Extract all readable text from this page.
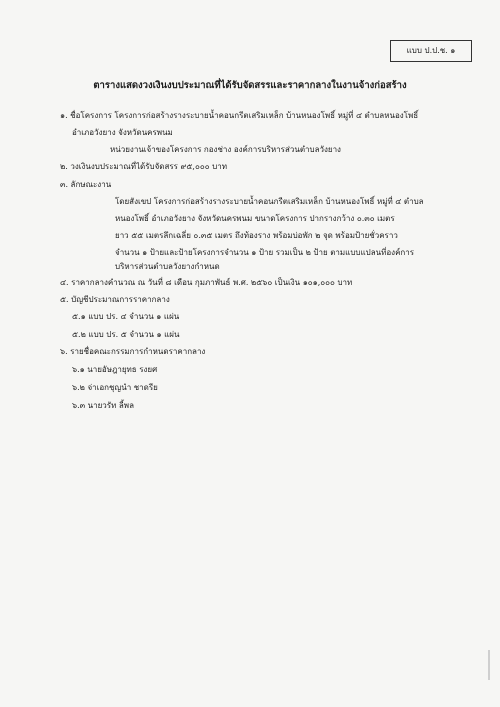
แบบ ป.ป.ช. ๑
ตารางแสดงวงเงินงบประมาณที่ได้รับจัดสรรและราคากลางในงานจ้างก่อสร้าง
๑. ชื่อโครงการ โครงการก่อสร้างรางระบายน้ำคอนกรีตเสริมเหล็ก บ้านหนองโพธิ์ หมู่ที่ ๔ ตำบลหนองโพธิ์
อำเภอวังยาง จังหวัดนครพนม
หน่วยงานเจ้าของโครงการ กองช่าง องค์การบริหารส่วนตำบลวังยาง
๒. วงเงินงบประมาณที่ได้รับจัดสรร ๙๕,๐๐๐ บาท
๓. ลักษณะงาน
โดยสังเขป โครงการก่อสร้างรางระบายน้ำคอนกรีตเสริมเหล็ก บ้านหนองโพธิ์ หมู่ที่ ๔ ตำบล
หนองโพธิ์ อำเภอวังยาง จังหวัดนครพนม ขนาดโครงการ ปากรางกว้าง ๐.๓๐ เมตร
ยาว ๕๕ เมตรลึกเฉลี่ย ๐.๓๕ เมตร ถึงท้องราง พร้อมบ่อพัก ๒ จุด พร้อมป้ายชั่วคราว
จำนวน ๑ ป้ายและป้ายโครงการจำนวน ๑ ป้าย รวมเป็น ๒ ป้าย ตามแบบแปลนที่องค์การ
บริหารส่วนตำบลวังยางกำหนด
๔. ราคากลางคำนวณ ณ วันที่ ๘ เดือน กุมภาพันธ์ พ.ศ. ๒๕๖๐ เป็นเงิน ๑๐๑,๐๐๐ บาท
๕. บัญชีประมาณการราคากลาง
๕.๑ แบบ ปร. ๔ จำนวน ๑ แผ่น
๕.๒ แบบ ปร. ๕ จำนวน ๑ แผ่น
๖. รายชื่อคณะกรรมการกำหนดราคากลาง
๖.๑ นายอัษฎายุทธ รงยศ
๖.๒ จ่าเอกชุญนำ ชาดรีย
๖.๓ นายวรัท ลี้พล
